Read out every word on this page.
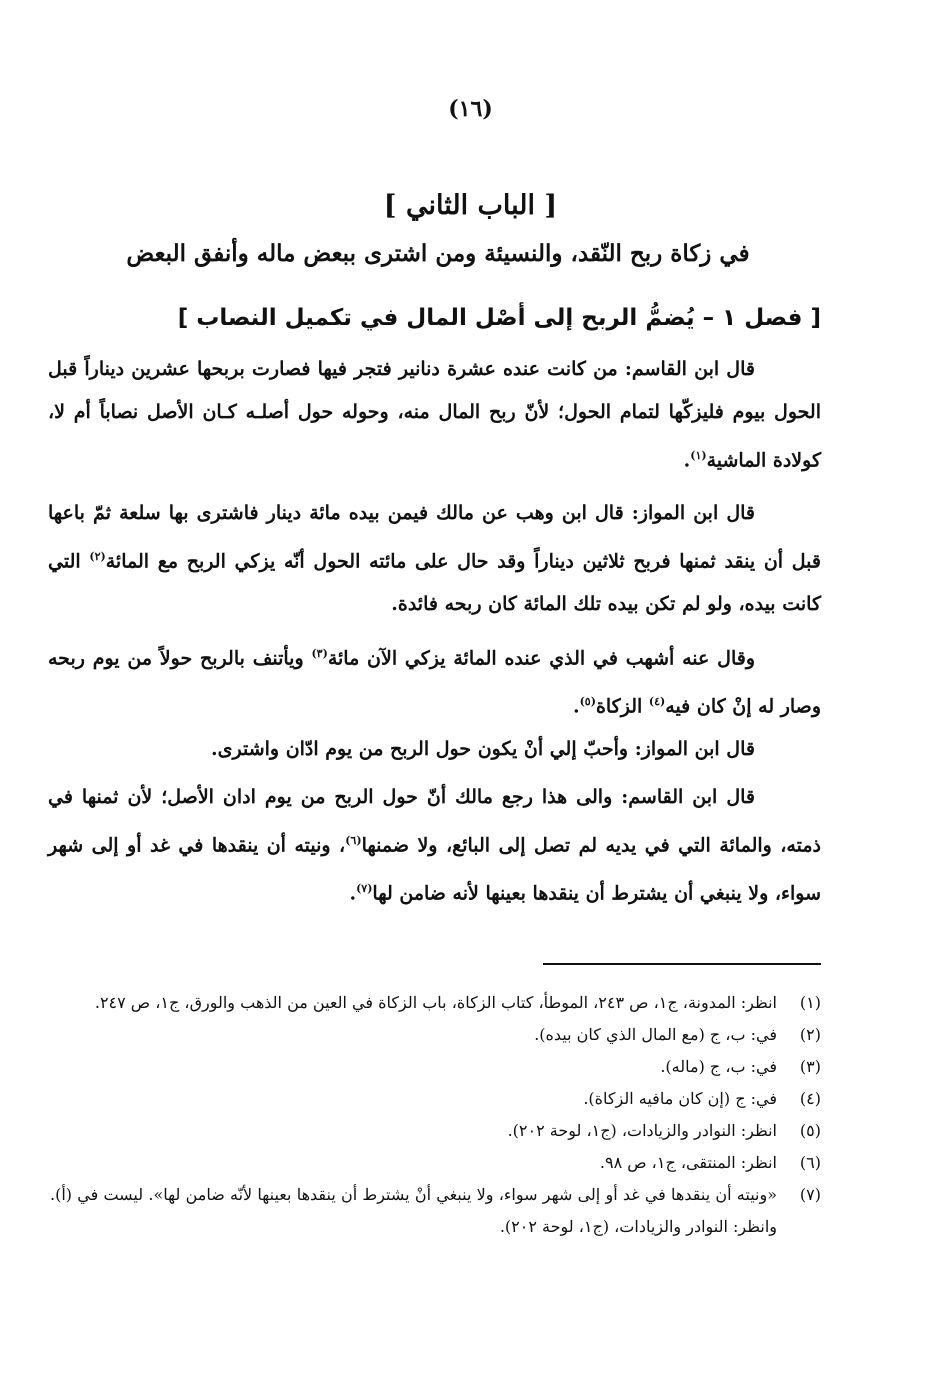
(١٦)
[ الباب الثاني ]
في زكاة ربح النّقد، والنسيئة ومن اشترى ببعض ماله وأنفق البعض
[ فصل ١ – يُضمُّ الربح إلى أصْل المال في تكميل النصاب ]

قال ابن القاسم: من كانت عنده عشرة دنانير فتجر فيها فصارت بربحها عشرين ديناراً قبل الحول بيوم فليزكّها لتمام الحول؛ لأنّ ربح المال منه، وحوله حول أصلـه كـان الأصل نصاباً أم لا، كولادة الماشية$^{(١)}$.

قال ابن المواز: قال ابن وهب عن مالك فيمن بيده مائة دينار فاشترى بها سلعة ثمّ باعها قبل أن ينقد ثمنها فربح ثلاثين ديناراً وقد حال على مائته الحول أنّه يزكي الربح مع المائة$^{(٢)}$ التي كانت بيده، ولو لم تكن بيده تلك المائة كان ربحه فائدة.

وقال عنه أشهب في الذي عنده المائة يزكي الآن مائة$^{(٣)}$ ويأتنف بالربح حولاً من يوم ربحه وصار له إنْ كان فيه$^{(٤)}$ الزكاة$^{(٥)}$.

قال ابن المواز: وأحبّ إلي أنْ يكون حول الربح من يوم ادّان واشترى.

قال ابن القاسم: والى هذا رجع مالك أنّ حول الربح من يوم ادان الأصل؛ لأن ثمنها في ذمته، والمائة التي في يديه لم تصل إلى البائع، ولا ضمنها$^{(٦)}$، ونيته أن ينقدها في غد أو إلى شهر سواء، ولا ينبغي أن يشترط أن ينقدها بعينها لأنه ضامن لها$^{(٧)}$.

(١)
انظر: المدونة، ج١، ص ٢٤٣، الموطأ، كتاب الزكاة، باب الزكاة في العين من الذهب والورق، ج١، ص ٢٤٧.
(٢)
في: ب، ج (مع المال الذي كان بيده).
(٣)
في: ب، ج (ماله).
(٤)
في: ج (إن كان مافيه الزكاة).
(٥)
انظر: النوادر والزيادات، (ج١، لوحة ٢٠٢).
(٦)
انظر: المنتقى، ج١، ص ٩٨.
(٧)
«ونيته أن ينقدها في غد أو إلى شهر سواء، ولا ينبغي أنْ يشترط أن ينقدها بعينها لأنّه ضامن لها». ليست في (أ). وانظر: النوادر والزيادات، (ج١، لوحة ٢٠٢).
